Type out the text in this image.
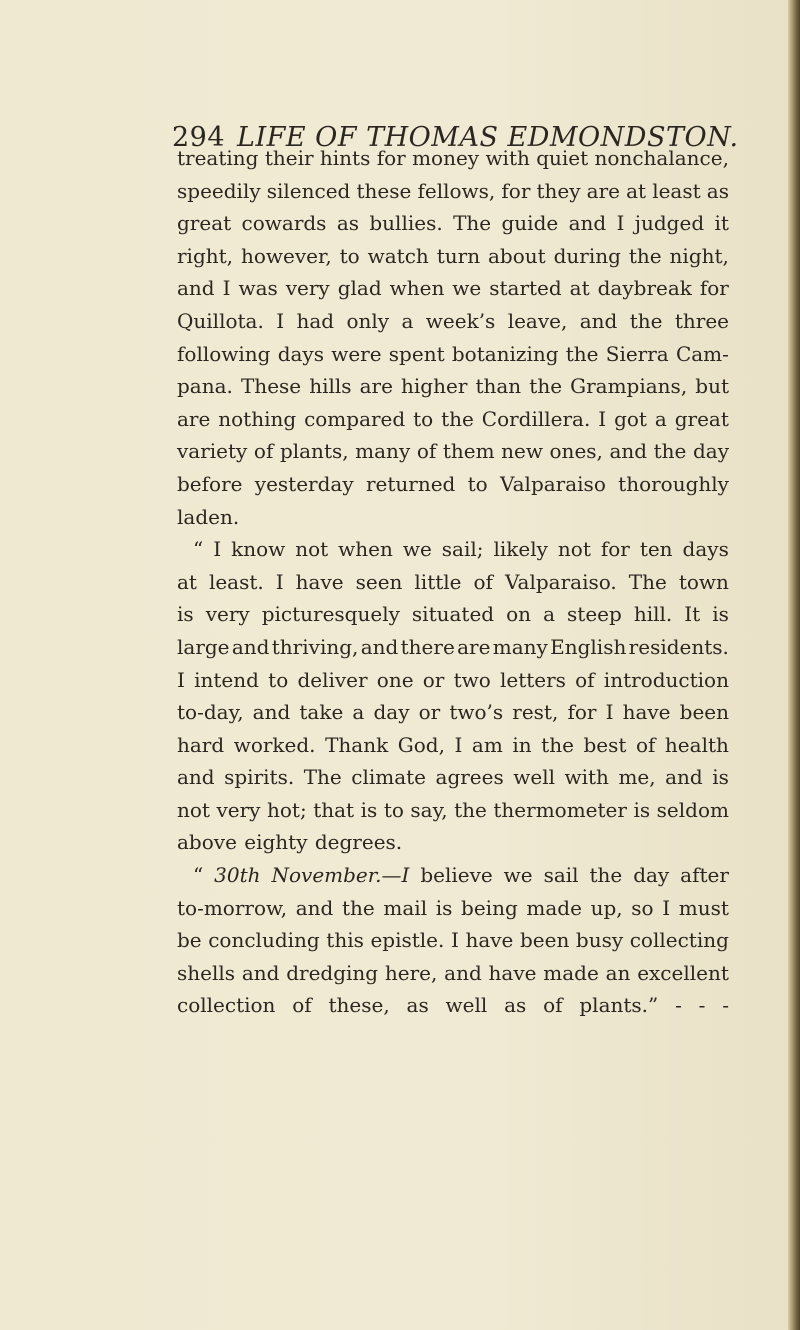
294 LIFE OF THOMAS EDMONDSTON.
treating their hints for money with quiet nonchalance,
speedily silenced these fellows, for they are at least as
great cowards as bullies. The guide and I judged it
right, however, to watch turn about during the night,
and I was very glad when we started at daybreak for
Quillota. I had only a week’s leave, and the three
following days were spent botanizing the Sierra Cam-
pana. These hills are higher than the Grampians, but
are nothing compared to the Cordillera. I got a great
variety of plants, many of them new ones, and the day
before yesterday returned to Valparaiso thoroughly
laden.
“ I know not when we sail; likely not for ten days
at least. I have seen little of Valparaiso. The town
is very picturesquely situated on a steep hill. It is
large and thriving, and there are many English residents.
I intend to deliver one or two letters of introduction
to-day, and take a day or two’s rest, for I have been
hard worked. Thank God, I am in the best of health
and spirits. The climate agrees well with me, and is
not very hot; that is to say, the thermometer is seldom
above eighty degrees.
“ 30th November.—I believe we sail the day after
to-morrow, and the mail is being made up, so I must
be concluding this epistle. I have been busy collecting
shells and dredging here, and have made an excellent
collection of these, as well as of plants.” - - -
